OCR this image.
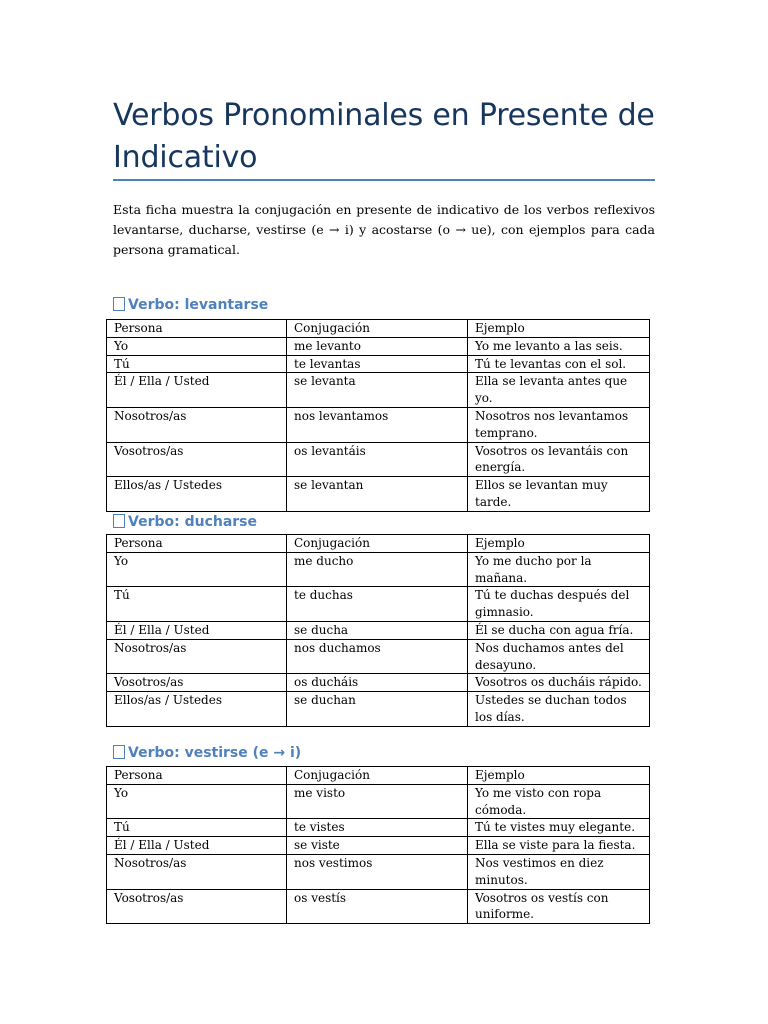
Verbos Pronominales en Presente de Indicativo

Esta ficha muestra la conjugación en presente de indicativo de los verbos reflexivos levantarse, ducharse, vestirse (e → i) y acostarse (o → ue), con ejemplos para cada persona gramatical.

Verbo: levantarse
Persona	Conjugación	Ejemplo
Yo	me levanto	Yo me levanto a las seis.
Tú	te levantas	Tú te levantas con el sol.
Él / Ella / Usted	se levanta	Ella se levanta antes que yo.
Nosotros/as	nos levantamos	Nosotros nos levantamos temprano.
Vosotros/as	os levantáis	Vosotros os levantáis con energía.
Ellos/as / Ustedes	se levantan	Ellos se levantan muy tarde.
Verbo: ducharse
Persona	Conjugación	Ejemplo
Yo	me ducho	Yo me ducho por la mañana.
Tú	te duchas	Tú te duchas después del gimnasio.
Él / Ella / Usted	se ducha	Él se ducha con agua fría.
Nosotros/as	nos duchamos	Nos duchamos antes del desayuno.
Vosotros/as	os ducháis	Vosotros os ducháis rápido.
Ellos/as / Ustedes	se duchan	Ustedes se duchan todos los días.
Verbo: vestirse (e → i)
Persona	Conjugación	Ejemplo
Yo	me visto	Yo me visto con ropa cómoda.
Tú	te vistes	Tú te vistes muy elegante.
Él / Ella / Usted	se viste	Ella se viste para la fiesta.
Nosotros/as	nos vestimos	Nos vestimos en diez minutos.
Vosotros/as	os vestís	Vosotros os vestís con uniforme.
